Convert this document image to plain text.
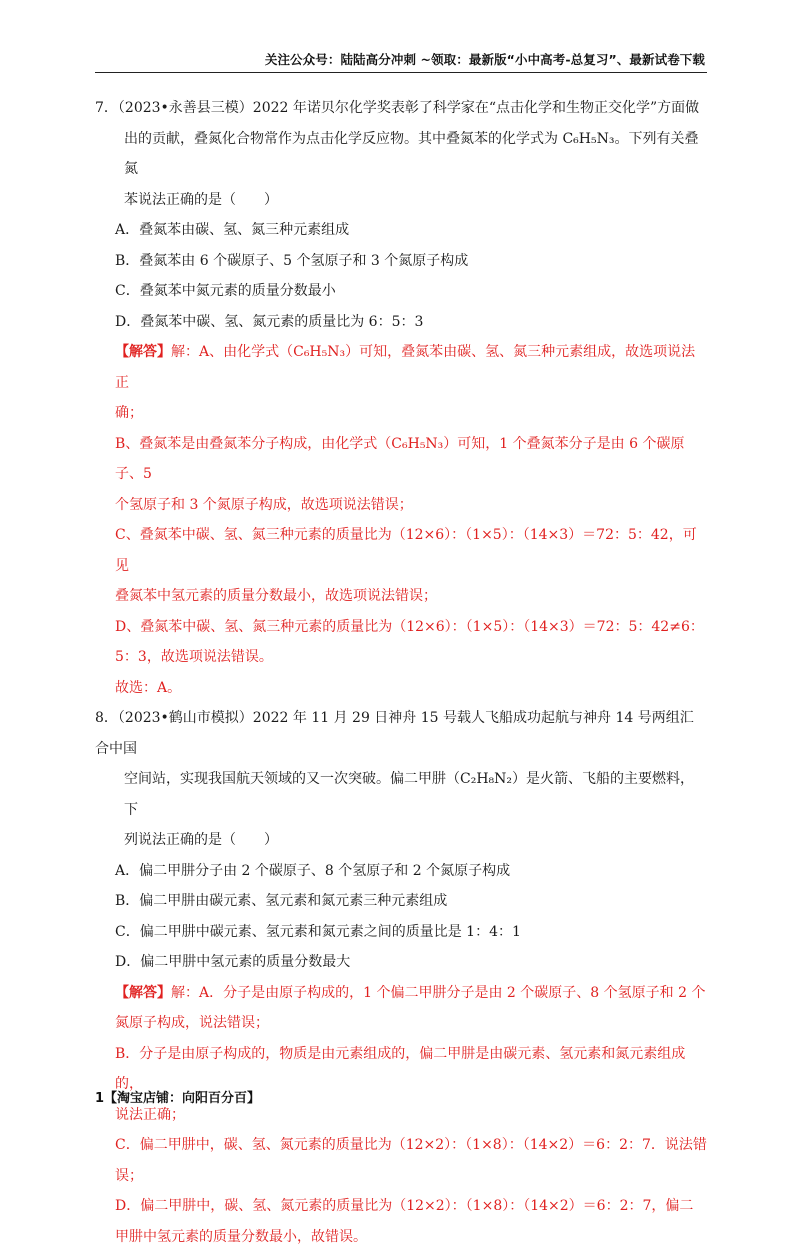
关注公众号：陆陆高分冲刺 ~领取：最新版“小中高考-总复习”、最新试卷下载
7．（2023•永善县三模）2022 年诺贝尔化学奖表彰了科学家在“点击化学和生物正交化学”方面做
出的贡献，叠氮化合物常作为点击化学反应物。其中叠氮苯的化学式为 C₆H₅N₃。下列有关叠氮
苯说法正确的是（　　）
A．叠氮苯由碳、氢、氮三种元素组成
B．叠氮苯由 6 个碳原子、5 个氢原子和 3 个氮原子构成
C．叠氮苯中氮元素的质量分数最小
D．叠氮苯中碳、氢、氮元素的质量比为 6：5：3
【解答】解：A、由化学式（C₆H₅N₃）可知，叠氮苯由碳、氢、氮三种元素组成，故选项说法正
确；
B、叠氮苯是由叠氮苯分子构成，由化学式（C₆H₅N₃）可知，1 个叠氮苯分子是由 6 个碳原子、5
个氢原子和 3 个氮原子构成，故选项说法错误；
C、叠氮苯中碳、氢、氮三种元素的质量比为（12×6）：（1×5）：（14×3）＝72：5：42，可见
叠氮苯中氢元素的质量分数最小，故选项说法错误；
D、叠氮苯中碳、氢、氮三种元素的质量比为（12×6）：（1×5）：（14×3）＝72：5：42≠6：
5：3，故选项说法错误。
故选：A。
8．（2023•鹤山市模拟）2022 年 11 月 29 日神舟 15 号载人飞船成功起航与神舟 14 号两组汇合中国
空间站，实现我国航天领域的又一次突破。偏二甲肼（C₂H₈N₂）是火箭、飞船的主要燃料，下
列说法正确的是（　　）
A．偏二甲肼分子由 2 个碳原子、8 个氢原子和 2 个氮原子构成
B．偏二甲肼由碳元素、氢元素和氮元素三种元素组成
C．偏二甲肼中碳元素、氢元素和氮元素之间的质量比是 1：4：1
D．偏二甲肼中氢元素的质量分数最大
【解答】解：A．分子是由原子构成的，1 个偏二甲肼分子是由 2 个碳原子、8 个氢原子和 2 个
氮原子构成，说法错误；
B．分子是由原子构成的，物质是由元素组成的，偏二甲肼是由碳元素、氢元素和氮元素组成的，
说法正确；
C．偏二甲肼中，碳、氢、氮元素的质量比为（12×2）：（1×8）：（14×2）＝6：2：7．说法错
误；
D．偏二甲肼中，碳、氢、氮元素的质量比为（12×2）：（1×8）：（14×2）＝6：2：7，偏二
甲肼中氢元素的质量分数最小，故错误。
1【淘宝店铺：向阳百分百】
